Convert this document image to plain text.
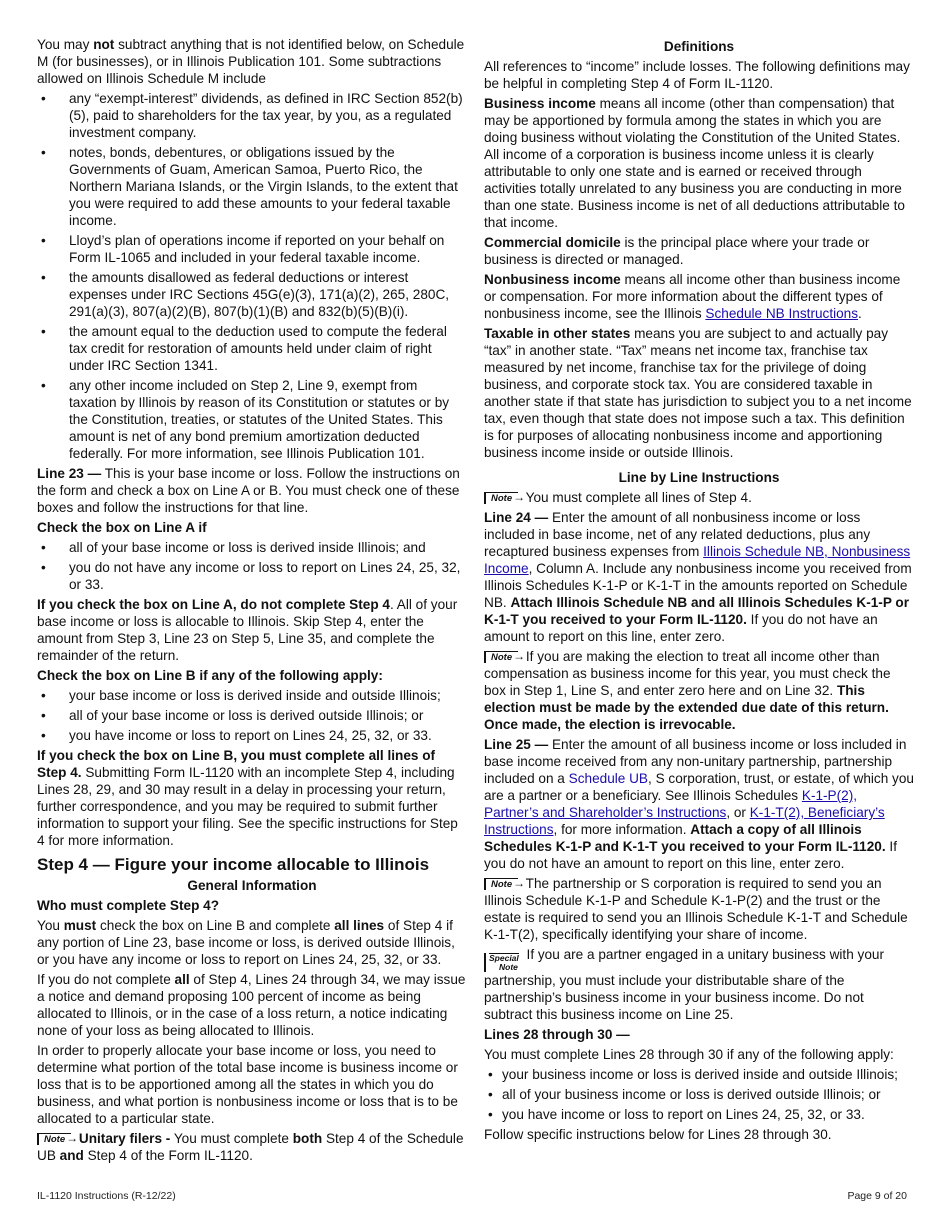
You may not subtract anything that is not identified below, on Schedule M (for businesses), or in Illinois Publication 101. Some subtractions allowed on Illinois Schedule M include

• any “exempt-interest” dividends, as defined in IRC Section 852(b)(5), paid to shareholders for the tax year, by you, as a regulated investment company.
• notes, bonds, debentures, or obligations issued by the Governments of Guam, American Samoa, Puerto Rico, the Northern Mariana Islands, or the Virgin Islands, to the extent that you were required to add these amounts to your federal taxable income.
• Lloyd’s plan of operations income if reported on your behalf on Form IL-1065 and included in your federal taxable income.
• the amounts disallowed as federal deductions or interest expenses under IRC Sections 45G(e)(3), 171(a)(2), 265, 280C, 291(a)(3), 807(a)(2)(B), 807(b)(1)(B) and 832(b)(5)(B)(i).
• the amount equal to the deduction used to compute the federal tax credit for restoration of amounts held under claim of right under IRC Section 1341.
• any other income included on Step 2, Line 9, exempt from taxation by Illinois by reason of its Constitution or statutes or by the Constitution, treaties, or statutes of the United States. This amount is net of any bond premium amortization deducted federally. For more information, see Illinois Publication 101.

Line 23 — This is your base income or loss. Follow the instructions on the form and check a box on Line A or B. You must check one of these boxes and follow the instructions for that line.

Check the box on Line A if

• all of your base income or loss is derived inside Illinois; and
• you do not have any income or loss to report on Lines 24, 25, 32, or 33.

If you check the box on Line A, do not complete Step 4. All of your base income or loss is allocable to Illinois. Skip Step 4, enter the amount from Step 3, Line 23 on Step 5, Line 35, and complete the remainder of the return.

Check the box on Line B if any of the following apply:

• your base income or loss is derived inside and outside Illinois;
• all of your base income or loss is derived outside Illinois; or
• you have income or loss to report on Lines 24, 25, 32, or 33.

If you check the box on Line B, you must complete all lines of Step 4. Submitting Form IL-1120 with an incomplete Step 4, including Lines 28, 29, and 30 may result in a delay in processing your return, further correspondence, and you may be required to submit further information to support your filing. See the specific instructions for Step 4 for more information.

Step 4 — Figure your income allocable to Illinois
General Information

Who must complete Step 4?

You must check the box on Line B and complete all lines of Step 4 if any portion of Line 23, base income or loss, is derived outside Illinois, or you have any income or loss to report on Lines 24, 25, 32, or 33.

If you do not complete all of Step 4, Lines 24 through 34, we may issue a notice and demand proposing 100 percent of income as being allocated to Illinois, or in the case of a loss return, a notice indicating none of your loss as being allocated to Illinois.

In order to properly allocate your base income or loss, you need to determine what portion of the total base income is business income or loss that is to be apportioned among all the states in which you do business, and what portion is nonbusiness income or loss that is to be allocated to a particular state.

Note → Unitary filers - You must complete both Step 4 of the Schedule UB and Step 4 of the Form IL-1120.

Definitions

All references to “income” include losses. The following definitions may be helpful in completing Step 4 of Form IL-1120.

Business income means all income (other than compensation) that may be apportioned by formula among the states in which you are doing business without violating the Constitution of the United States. All income of a corporation is business income unless it is clearly attributable to only one state and is earned or received through activities totally unrelated to any business you are conducting in more than one state. Business income is net of all deductions attributable to that income.

Commercial domicile is the principal place where your trade or business is directed or managed.

Nonbusiness income means all income other than business income or compensation. For more information about the different types of nonbusiness income, see the Illinois Schedule NB Instructions.

Taxable in other states means you are subject to and actually pay “tax” in another state. “Tax” means net income tax, franchise tax measured by net income, franchise tax for the privilege of doing business, and corporate stock tax. You are considered taxable in another state if that state has jurisdiction to subject you to a net income tax, even though that state does not impose such a tax. This definition is for purposes of allocating nonbusiness income and apportioning business income inside or outside Illinois.

Line by Line Instructions

Note → You must complete all lines of Step 4.

Line 24 — Enter the amount of all nonbusiness income or loss included in base income, net of any related deductions, plus any recaptured business expenses from Illinois Schedule NB, Nonbusiness Income, Column A. Include any nonbusiness income you received from Illinois Schedules K-1-P or K-1-T in the amounts reported on Schedule NB. Attach Illinois Schedule NB and all Illinois Schedules K-1-P or K-1-T you received to your Form IL-1120. If you do not have an amount to report on this line, enter zero.

Note → If you are making the election to treat all income other than compensation as business income for this year, you must check the box in Step 1, Line S, and enter zero here and on Line 32. This election must be made by the extended due date of this return. Once made, the election is irrevocable.

Line 25 — Enter the amount of all business income or loss included in base income received from any non-unitary partnership, partnership included on a Schedule UB, S corporation, trust, or estate, of which you are a partner or a beneficiary. See Illinois Schedules K-1-P(2), Partner’s and Shareholder’s Instructions, or K-1-T(2), Beneficiary’s Instructions, for more information. Attach a copy of all Illinois Schedules K-1-P and K-1-T you received to your Form IL-1120. If you do not have an amount to report on this line, enter zero.

Note → The partnership or S corporation is required to send you an Illinois Schedule K-1-P and Schedule K-1-P(2) and the trust or the estate is required to send you an Illinois Schedule K-1-T and Schedule K-1-T(2), specifically identifying your share of income.

Special
Note
If you are a partner engaged in a unitary business with your partnership, you must include your distributable share of the partnership’s business income in your business income. Do not subtract this business income on Line 25.

Lines 28 through 30 —

You must complete Lines 28 through 30 if any of the following apply:

• your business income or loss is derived inside and outside Illinois;
• all of your business income or loss is derived outside Illinois; or
• you have income or loss to report on Lines 24, 25, 32, or 33.

Follow specific instructions below for Lines 28 through 30.

IL-1120 Instructions (R-12/22)	Page 9 of 20
